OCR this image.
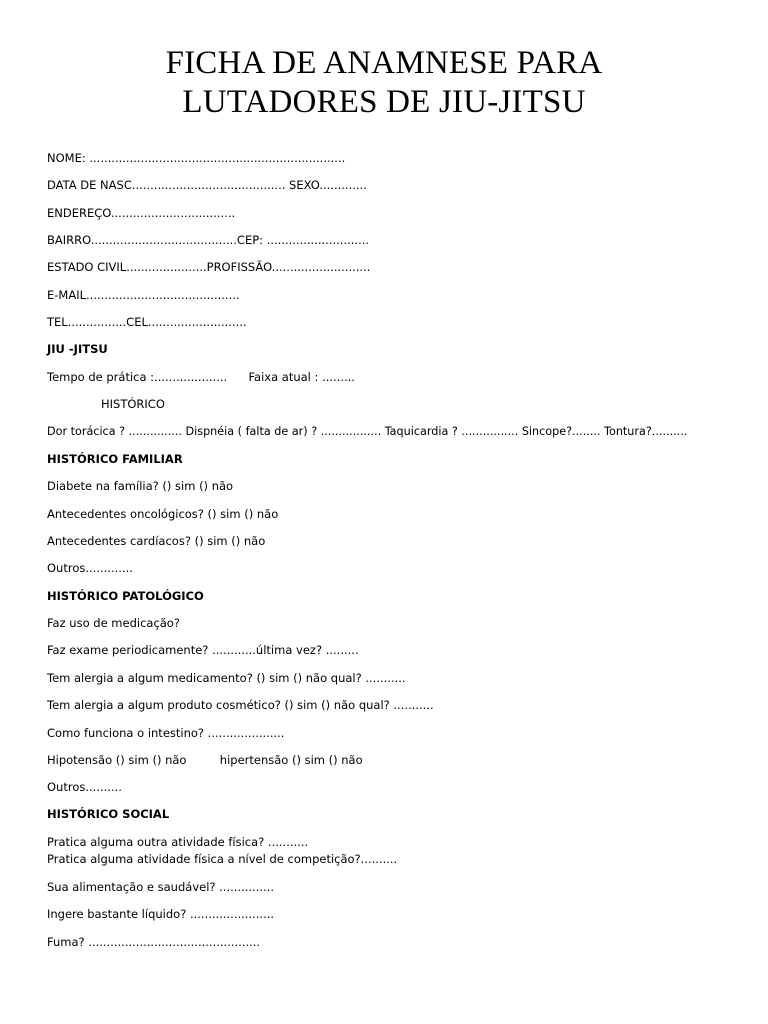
FICHA DE ANAMNESE PARA
LUTADORES DE JIU-JITSU
NOME: ......................................................................
DATA DE NASC.......................................... SEXO.............
ENDEREÇO..................................
BAIRRO........................................CEP: ............................
ESTADO CIVIL......................PROFISSÃO...........................
E-MAIL..........................................
TEL................CEL...........................
JIU -JITSU
Tempo de prática :.................... Faixa atual : .........
HISTÓRICO
Dor torácica ? ............... Dispnéia ( falta de ar) ? ................. Taquicardia ? ................ Sincope?........ Tontura?..........
HISTÓRICO FAMILIAR
Diabete na família? () sim () não
Antecedentes oncológicos? () sim () não
Antecedentes cardíacos? () sim () não
Outros.............
HISTÓRICO PATOLÓGICO
Faz uso de medicação?
Faz exame periodicamente? ............última vez? .........
Tem alergia a algum medicamento? () sim () não qual? ...........
Tem alergia a algum produto cosmético? () sim () não qual? ...........
Como funciona o intestino? .....................
Hipotensão () sim () não	hipertensão () sim () não
Outros..........
HISTÓRICO SOCIAL
Pratica alguma outra atividade física? ...........
Pratica alguma atividade física a nível de competição?..........
Sua alimentação e saudável? ...............
Ingere bastante líquido? .......................
Fuma? ...............................................
